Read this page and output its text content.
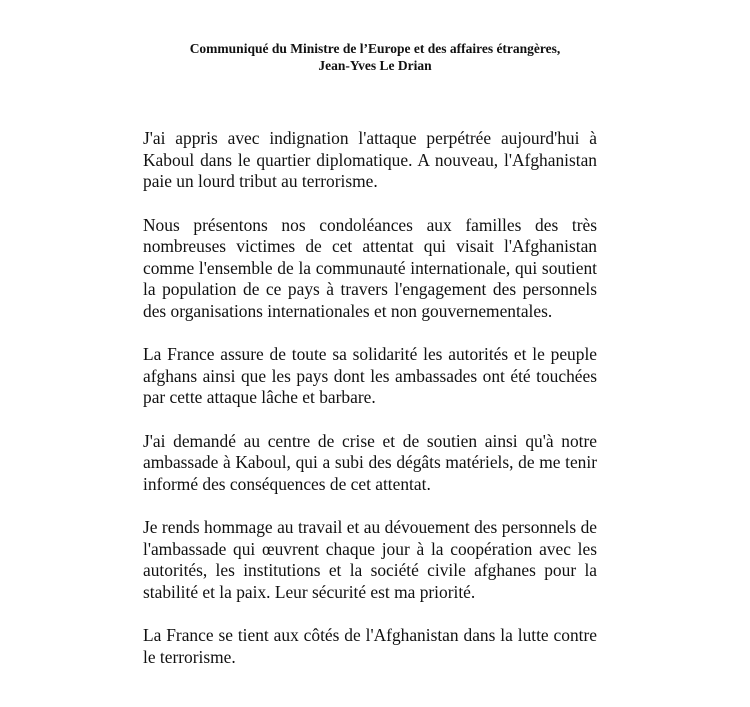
Communiqué du Ministre de l’Europe et des affaires étrangères,
Jean-Yves Le Drian

J'ai appris avec indignation l'attaque perpétrée aujourd'hui à
Kaboul dans le quartier diplomatique. A nouveau, l'Afghanistan
paie un lourd tribut au terrorisme.

Nous présentons nos condoléances aux familles des très
nombreuses victimes de cet attentat qui visait l'Afghanistan
comme l'ensemble de la communauté internationale, qui soutient
la population de ce pays à travers l'engagement des personnels
des organisations internationales et non gouvernementales.

La France assure de toute sa solidarité les autorités et le peuple
afghans ainsi que les pays dont les ambassades ont été touchées
par cette attaque lâche et barbare.

J'ai demandé au centre de crise et de soutien ainsi qu'à notre
ambassade à Kaboul, qui a subi des dégâts matériels, de me tenir
informé des conséquences de cet attentat.

Je rends hommage au travail et au dévouement des personnels de
l'ambassade qui œuvrent chaque jour à la coopération avec les
autorités, les institutions et la société civile afghanes pour la
stabilité et la paix. Leur sécurité est ma priorité.

La France se tient aux côtés de l'Afghanistan dans la lutte contre
le terrorisme.
